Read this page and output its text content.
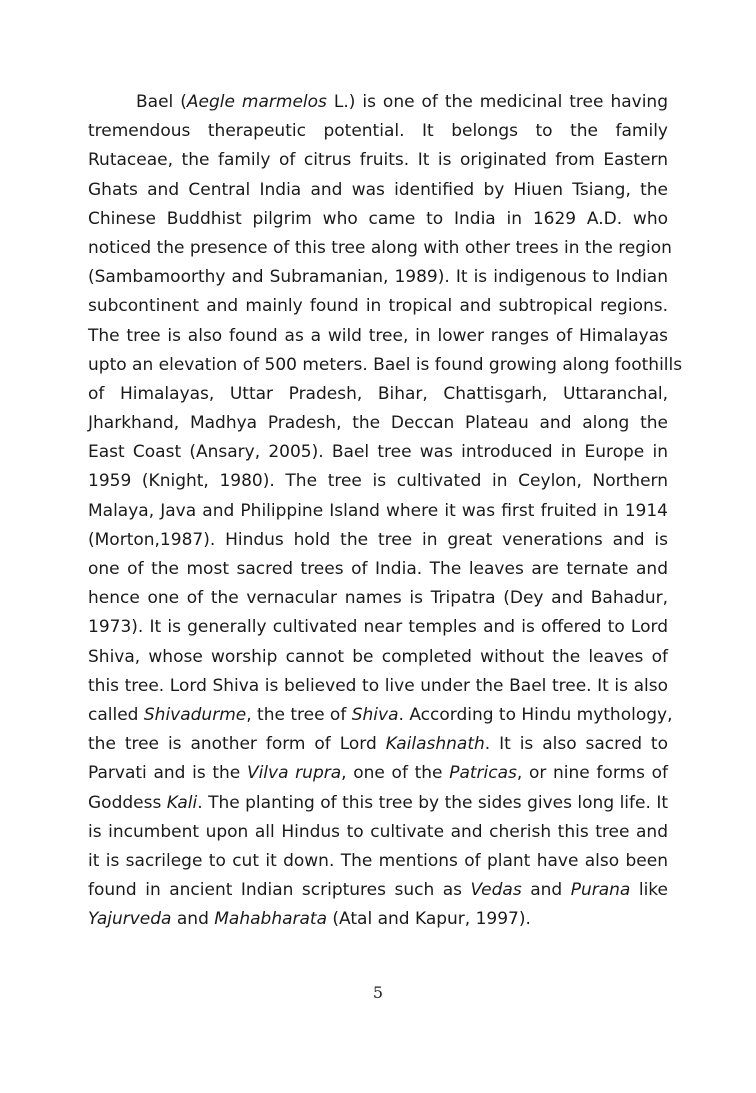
Bael (Aegle marmelos L.) is one of the medicinal tree having
tremendous therapeutic potential. It belongs to the family
Rutaceae, the family of citrus fruits. It is originated from Eastern
Ghats and Central India and was identified by Hiuen Tsiang, the
Chinese Buddhist pilgrim who came to India in 1629 A.D. who
noticed the presence of this tree along with other trees in the region
(Sambamoorthy and Subramanian, 1989). It is indigenous to Indian
subcontinent and mainly found in tropical and subtropical regions.
The tree is also found as a wild tree, in lower ranges of Himalayas
upto an elevation of 500 meters. Bael is found growing along foothills
of Himalayas, Uttar Pradesh, Bihar, Chattisgarh, Uttaranchal,
Jharkhand, Madhya Pradesh, the Deccan Plateau and along the
East Coast (Ansary, 2005). Bael tree was introduced in Europe in
1959 (Knight, 1980). The tree is cultivated in Ceylon, Northern
Malaya, Java and Philippine Island where it was first fruited in 1914
(Morton,1987). Hindus hold the tree in great venerations and is
one of the most sacred trees of India. The leaves are ternate and
hence one of the vernacular names is Tripatra (Dey and Bahadur,
1973). It is generally cultivated near temples and is offered to Lord
Shiva, whose worship cannot be completed without the leaves of
this tree. Lord Shiva is believed to live under the Bael tree. It is also
called Shivadurme, the tree of Shiva. According to Hindu mythology,
the tree is another form of Lord Kailashnath. It is also sacred to
Parvati and is the Vilva rupra, one of the Patricas, or nine forms of
Goddess Kali. The planting of this tree by the sides gives long life. It
is incumbent upon all Hindus to cultivate and cherish this tree and
it is sacrilege to cut it down. The mentions of plant have also been
found in ancient Indian scriptures such as Vedas and Purana like
Yajurveda and Mahabharata (Atal and Kapur, 1997).

5
